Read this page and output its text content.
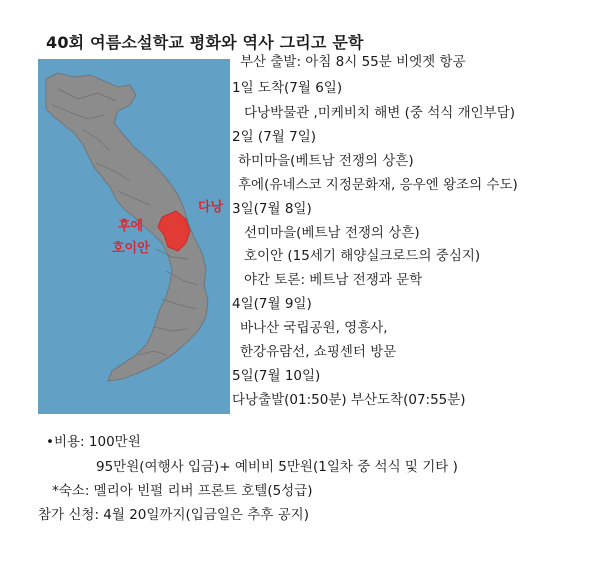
40회 여름소설학교 평화와 역사 그리고 문학
다낭
후에
호이안
부산 출발: 아침 8시 55분 비엣젯 항공
1일 도착(7월 6일)
다낭박물관 ,미케비치 해변 (중 석식 개인부담)
2일 (7월 7일)
하미마을(베트남 전쟁의 상흔)
후에(유네스코 지정문화재, 응우엔 왕조의 수도)
3일(7월 8일)
선미마을(베트남 전쟁의 상흔)
호이안 (15세기 해양실크로드의 중심지)
야간 토론: 베트남 전쟁과 문학
4일(7월 9일)
바나산 국립공원, 영흥사,
한강유람선, 쇼핑센터 방문
5일(7월 10일)
다낭출발(01:50분) 부산도착(07:55분)
•비용: 100만원
95만원(여행사 입금)+ 예비비 5만원(1일차 중 석식 및 기타 )
*숙소: 멜리아 빈펄 리버 프론트 호텔(5성급)
참가 신청: 4월 20일까지(입금일은 추후 공지)
